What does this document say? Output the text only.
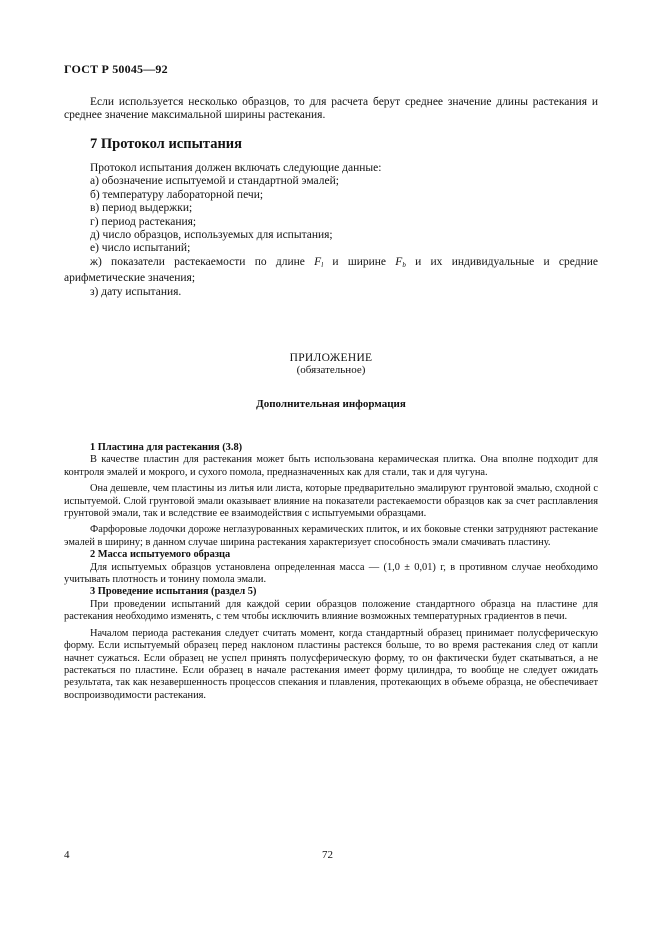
ГОСТ Р 50045—92

Если используется несколько образцов, то для расчета берут среднее значение длины растекания и среднее значение максимальной ширины растекания.

7 Протокол испытания

Протокол испытания должен включать следующие данные:

а) обозначение испытуемой и стандартной эмалей;

б) температуру лабораторной печи;

в) период выдержки;

г) период растекания;

д) число образцов, используемых для испытания;

е) число испытаний;

ж) показатели растекаемости по длине $F_l$ и ширине $F_b$ и их индивидуальные и средние арифметические значения;

з) дату испытания.

ПРИЛОЖЕНИЕ
(обязательное)
Дополнительная информация

1 Пластина для растекания (3.8)

В качестве пластин для растекания может быть использована керамическая плитка. Она вполне подходит для контроля эмалей и мокрого, и сухого помола, предназначенных как для стали, так и для чугуна.

Она дешевле, чем пластины из литья или листа, которые предварительно эмалируют грунтовой эмалью, сходной с испытуемой. Слой грунтовой эмали оказывает влияние на показатели растекаемости образцов как за счет расплавления грунтовой эмали, так и вследствие ее взаимодействия с испытуемыми образцами.

Фарфоровые лодочки дороже неглазурованных керамических плиток, и их боковые стенки затрудняют растекание эмалей в ширину; в данном случае ширина растекания характеризует способность эмали смачивать пластину.

2 Масса испытуемого образца

Для испытуемых образцов установлена определенная масса — (1,0 ± 0,01) г, в противном случае необходимо учитывать плотность и тонину помола эмали.

3 Проведение испытания (раздел 5)

При проведении испытаний для каждой серии образцов положение стандартного образца на пластине для растекания необходимо изменять, с тем чтобы исключить влияние возможных температурных градиентов в печи.

Началом периода растекания следует считать момент, когда стандартный образец принимает полусферическую форму. Если испытуемый образец перед наклоном пластины растекся больше, то во время растекания след от капли начнет сужаться. Если образец не успел принять полусферическую форму, то он фактически будет скатываться, а не растекаться по пластине. Если образец в начале растекания имеет форму цилиндра, то вообще не следует ожидать результата, так как незавершенность процессов спекания и плавления, протекающих в объеме образца, не обеспечивает воспроизводимости растекания.

4	72
